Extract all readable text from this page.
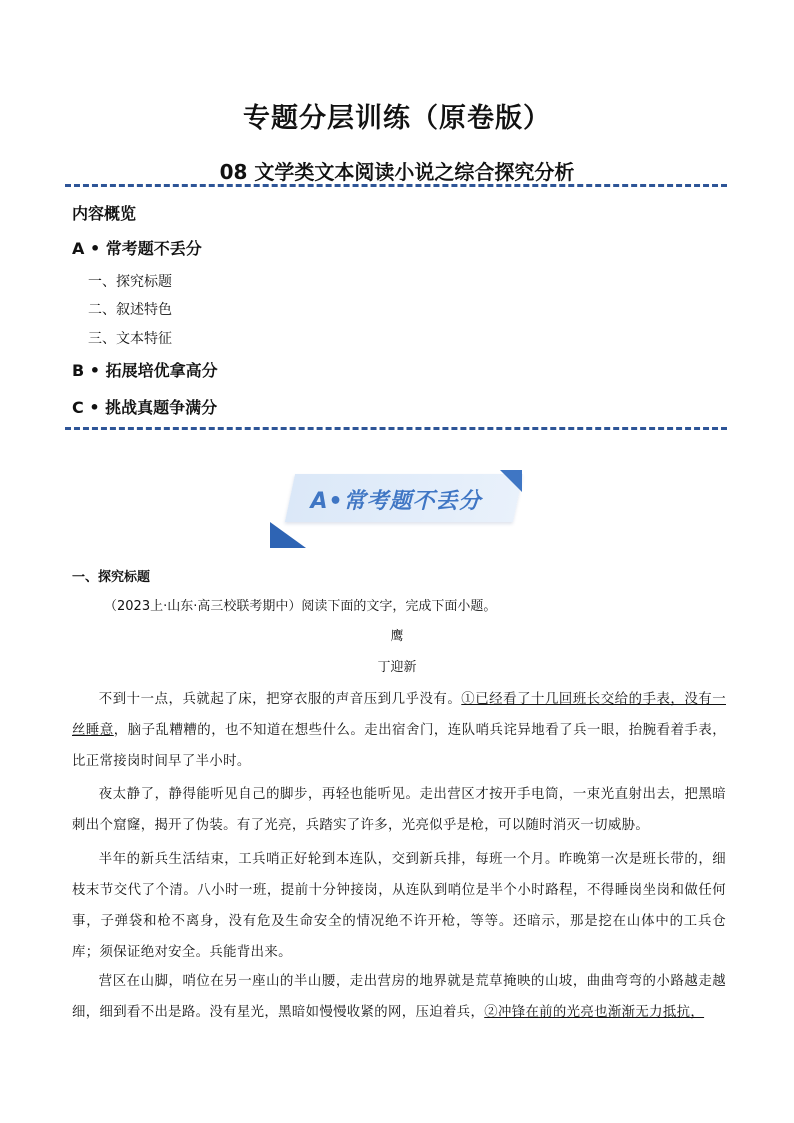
专题分层训练（原卷版）
08 文学类文本阅读小说之综合探究分析
内容概览
A • 常考题不丢分
一、探究标题
二、叙述特色
三、文本特征
B • 拓展培优拿高分
C • 挑战真题争满分
A•常考题不丢分
一、探究标题
（2023上·山东·高三校联考期中）阅读下面的文字，完成下面小题。
鹰
丁迎新
不到十一点，兵就起了床，把穿衣服的声音压到几乎没有。①已经看了十几回班长交给的手表，没有一丝睡意，脑子乱糟糟的，也不知道在想些什么。走出宿舍门，连队哨兵诧异地看了兵一眼，抬腕看着手表，比正常接岗时间早了半小时。
夜太静了，静得能听见自己的脚步，再轻也能听见。走出营区才按开手电筒，一束光直射出去，把黑暗刺出个窟窿，揭开了伪装。有了光亮，兵踏实了许多，光亮似乎是枪，可以随时消灭一切威胁。
半年的新兵生活结束，工兵哨正好轮到本连队，交到新兵排，每班一个月。昨晚第一次是班长带的，细枝末节交代了个清。八小时一班，提前十分钟接岗，从连队到哨位是半个小时路程，不得睡岗坐岗和做任何事，子弹袋和枪不离身，没有危及生命安全的情况绝不许开枪，等等。还暗示，那是挖在山体中的工兵仓库；须保证绝对安全。兵能背出来。
营区在山脚，哨位在另一座山的半山腰，走出营房的地界就是荒草掩映的山坡，曲曲弯弯的小路越走越细，细到看不出是路。没有星光，黑暗如慢慢收紧的网，压迫着兵，②冲锋在前的光亮也渐渐无力抵抗，
